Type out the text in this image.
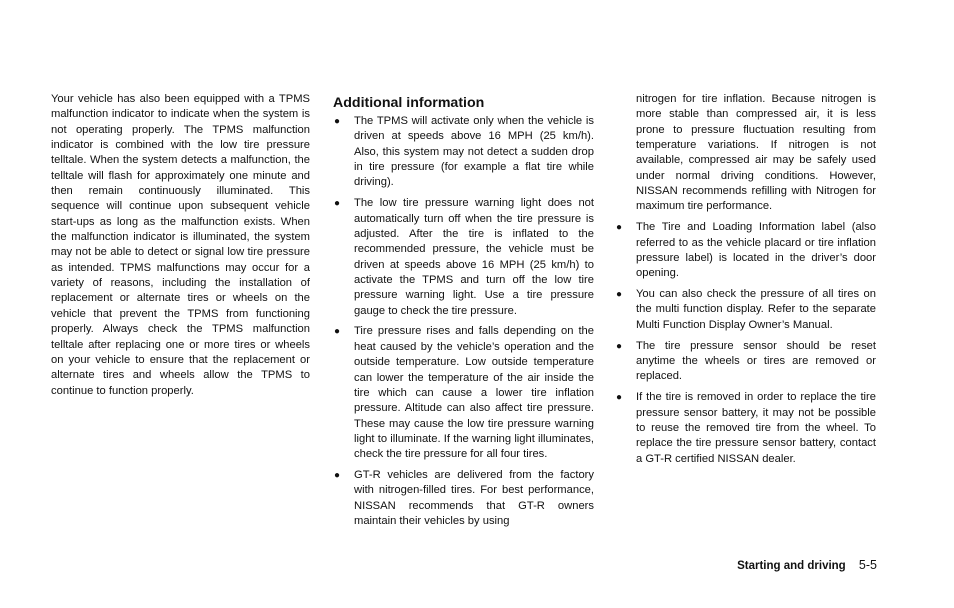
Your vehicle has also been equipped with a TPMS malfunction indicator to indicate when the system is not operating properly. The TPMS malfunction indicator is combined with the low tire pressure telltale. When the system detects a malfunction, the telltale will flash for approximately one minute and then remain continuously illuminated. This sequence will continue upon subsequent vehicle start-ups as long as the malfunction exists. When the malfunction indicator is illuminated, the system may not be able to detect or signal low tire pressure as intended. TPMS malfunctions may occur for a variety of reasons, including the installation of replacement or alternate tires or wheels on the vehicle that prevent the TPMS from functioning properly. Always check the TPMS malfunction telltale after replacing one or more tires or wheels on your vehicle to ensure that the replacement or alternate tires and wheels allow the TPMS to continue to function properly.

Additional information
● The TPMS will activate only when the vehicle is driven at speeds above 16 MPH (25 km/h). Also, this system may not detect a sudden drop in tire pressure (for example a flat tire while driving).
● The low tire pressure warning light does not automatically turn off when the tire pressure is adjusted. After the tire is inflated to the recommended pressure, the vehicle must be driven at speeds above 16 MPH (25 km/h) to activate the TPMS and turn off the low tire pressure warning light. Use a tire pressure gauge to check the tire pressure.
● Tire pressure rises and falls depending on the heat caused by the vehicle’s operation and the outside temperature. Low outside temperature can lower the temperature of the air inside the tire which can cause a lower tire inflation pressure. Altitude can also affect tire pressure. These may cause the low tire pressure warning light to illuminate. If the warning light illuminates, check the tire pressure for all four tires.
● GT-R vehicles are delivered from the factory with nitrogen-filled tires. For best performance, NISSAN recommends that GT-R owners maintain their vehicles by using

nitrogen for tire inflation. Because nitrogen is more stable than compressed air, it is less prone to pressure fluctuation resulting from temperature variations. If nitrogen is not available, compressed air may be safely used under normal driving conditions. However, NISSAN recommends refilling with Nitrogen for maximum tire performance.

● The Tire and Loading Information label (also referred to as the vehicle placard or tire inflation pressure label) is located in the driver’s door opening.
● You can also check the pressure of all tires on the multi function display. Refer to the separate Multi Function Display Owner’s Manual.
● The tire pressure sensor should be reset anytime the wheels or tires are removed or replaced.
● If the tire is removed in order to replace the tire pressure sensor battery, it may not be possible to reuse the removed tire from the wheel. To replace the tire pressure sensor battery, contact a GT-R certified NISSAN dealer.
Starting and driving 5-5
